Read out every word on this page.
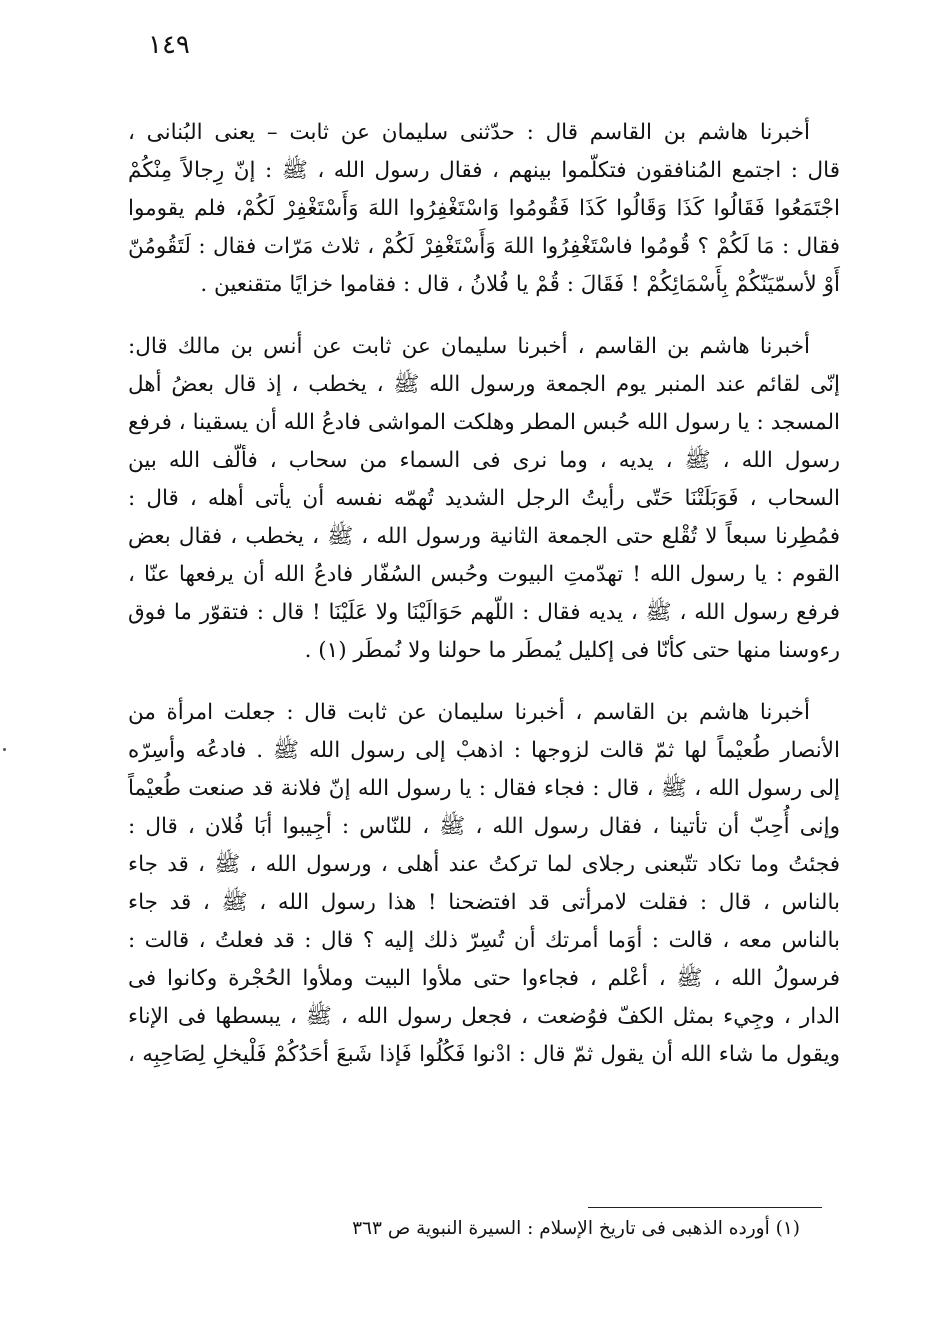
١٤٩
أخبرنا هاشم بن القاسم قال : حدّثنى سليمان عن ثابت – يعنى البُنانى ،
قال : اجتمع المُنافقون فتكلّموا بينهم ، فقال رسول الله ، ﷺ : إنّ رِجالاً مِنْكُمْ
اجْتَمَعُوا فَقَالُوا كَذَا وَقَالُوا كَذَا فَقُومُوا وَاسْتَغْفِرُوا اللهَ وَأَسْتَغْفِرْ لَكُمْ، فلم يقوموا
فقال : مَا لَكُمْ ؟ قُومُوا فاسْتَغْفِرُوا اللهَ وَأَسْتَغْفِرْ لَكُمْ ، ثلاث مَرّات فقال : لَتَقُومُنّ
أَوْ لأسمّيَنّكُمْ بِأَسْمَائِكُمْ ! فَقَالَ : قُمْ يا فُلانُ ، قال : فقاموا خزايًا متقنعين .
أخبرنا هاشم بن القاسم ، أخبرنا سليمان عن ثابت عن أنس بن مالك قال:
إنّى لقائم عند المنبر يوم الجمعة ورسول الله ﷺ ، يخطب ، إذ قال بعضُ أهل
المسجد : يا رسول الله حُبس المطر وهلكت المواشى فادعُ الله أن يسقينا ، فرفع
رسول الله ، ﷺ ، يديه ، وما نرى فى السماء من سحاب ، فألّف الله بين
السحاب ، فَوَبَلَتْنَا حَتّى رأيتُ الرجل الشديد تُهمّه نفسه أن يأتى أهله ، قال :
فمُطِرنا سبعاً لا تُقْلع حتى الجمعة الثانية ورسول الله ، ﷺ ، يخطب ، فقال بعض
القوم : يا رسول الله ! تهدّمتِ البيوت وحُبس السُفّار فادعُ الله أن يرفعها عنّا ،
فرفع رسول الله ، ﷺ ، يديه فقال : اللّهم حَوَالَيْنَا ولا عَلَيْنَا ! قال : فتقوّر ما فوق
رءوسنا منها حتى كأنّا فى إكليل يُمطَر ما حولنا ولا نُمطَر (١) .
أخبرنا هاشم بن القاسم ، أخبرنا سليمان عن ثابت قال : جعلت امرأة من
الأنصار طُعيْماً لها ثمّ قالت لزوجها : اذهبْ إلى رسول الله ﷺ . فادعُه وأسِرّه
إلى رسول الله ، ﷺ ، قال : فجاء فقال : يا رسول الله إنّ فلانة قد صنعت طُعيْماً
وإنى أُحِبّ أن تأتينا ، فقال رسول الله ، ﷺ ، للنّاس : أجِيبوا أبَا فُلان ، قال :
فجئتُ وما تكاد تتّبعنى رجلاى لما تركتُ عند أهلى ، ورسول الله ، ﷺ ، قد جاء
بالناس ، قال : فقلت لامرأتى قد افتضحنا ! هذا رسول الله ، ﷺ ، قد جاء
بالناس معه ، قالت : أوَما أمرتك أن تُسِرّ ذلك إليه ؟ قال : قد فعلتُ ، قالت :
فرسولُ الله ، ﷺ ، أعْلم ، فجاءوا حتى ملأوا البيت وملأوا الحُجْرة وكانوا فى
الدار ، وجِيء بمثل الكفّ فوُضعت ، فجعل رسول الله ، ﷺ ، يبسطها فى الإناء
ويقول ما شاء الله أن يقول ثمّ قال : ادْنوا فَكُلُوا فَإذا شَبعَ أحَدُكُمْ فَلْيخلِ لِصَاحِبِه ،
(١) أورده الذهبى فى تاريخ الإسلام : السيرة النبوية ص ٣٦٣
